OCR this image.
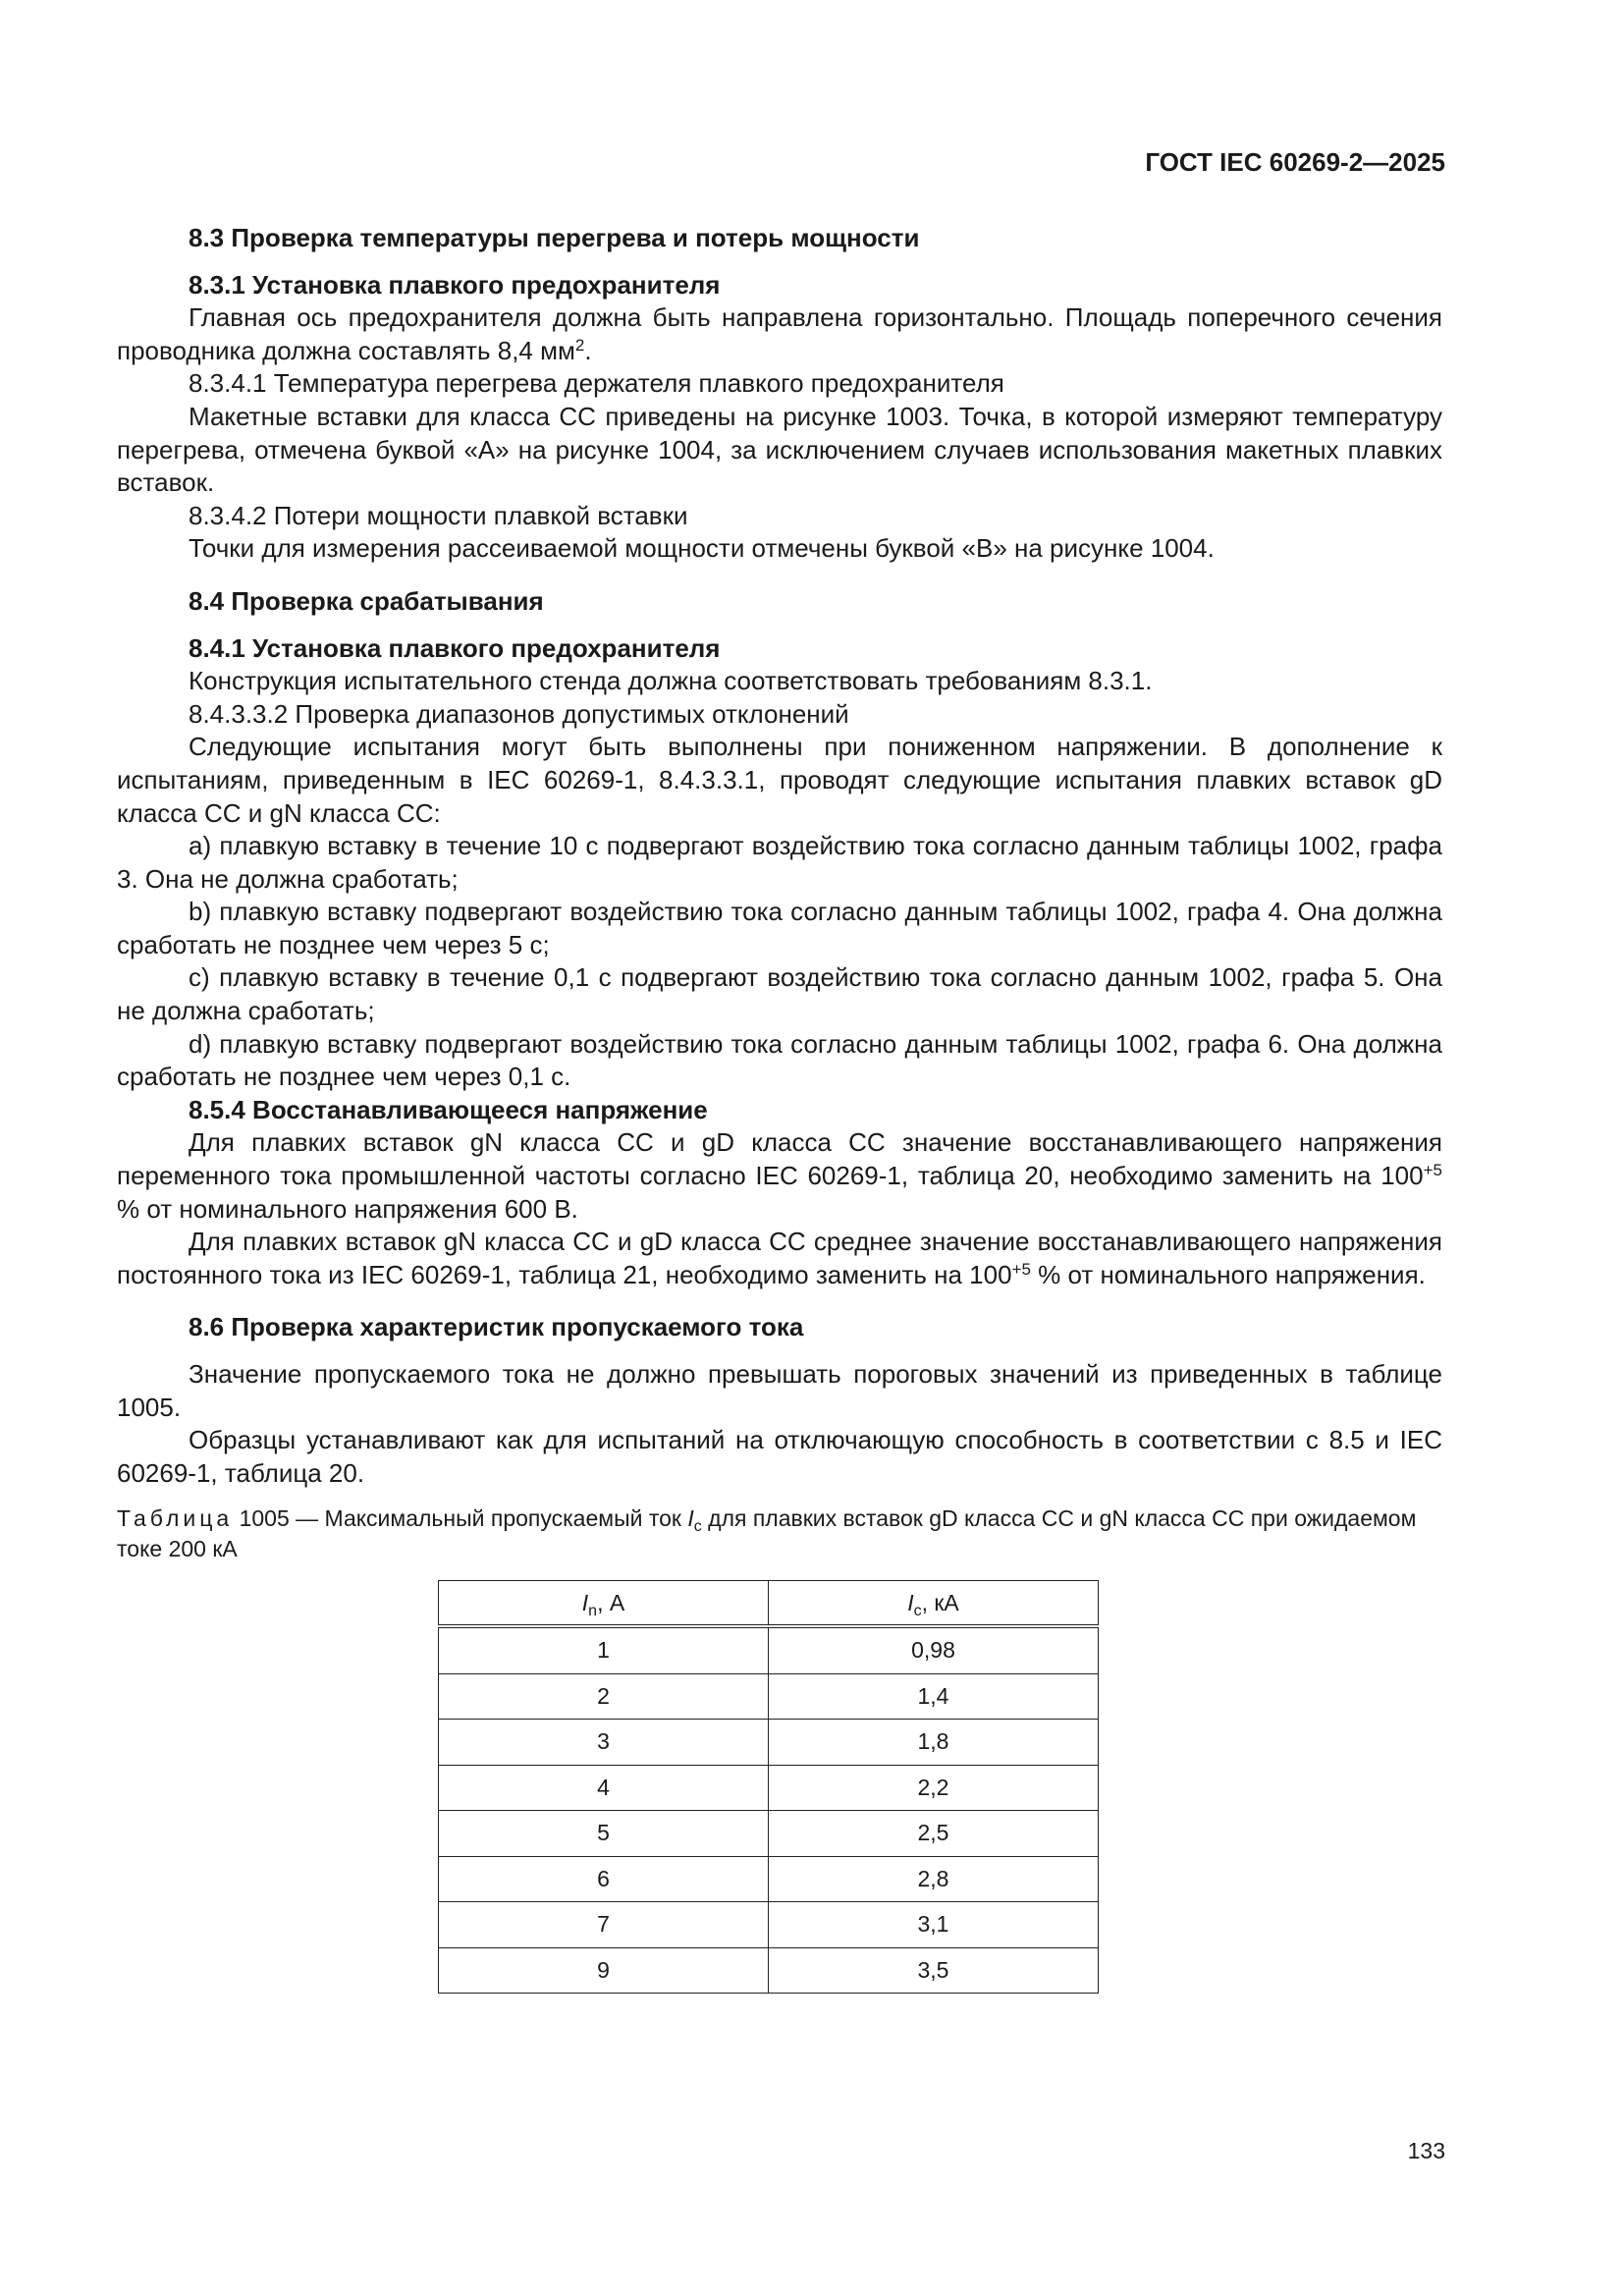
ГОСТ IEC 60269-2—2025

8.3 Проверка температуры перегрева и потерь мощности

8.3.1 Установка плавкого предохранителя

Главная ось предохранителя должна быть направлена горизонтально. Площадь поперечного сечения проводника должна составлять 8,4 $мм^2$.

8.3.4.1 Температура перегрева держателя плавкого предохранителя

Макетные вставки для класса CC приведены на рисунке 1003. Точка, в которой измеряют температуру перегрева, отмечена буквой «А» на рисунке 1004, за исключением случаев использования макетных плавких вставок.

8.3.4.2 Потери мощности плавкой вставки

Точки для измерения рассеиваемой мощности отмечены буквой «В» на рисунке 1004.

8.4 Проверка срабатывания

8.4.1 Установка плавкого предохранителя

Конструкция испытательного стенда должна соответствовать требованиям 8.3.1.

8.4.3.3.2 Проверка диапазонов допустимых отклонений

Следующие испытания могут быть выполнены при пониженном напряжении. В дополнение к испытаниям, приведенным в IEC 60269-1, 8.4.3.3.1, проводят следующие испытания плавких вставок gD класса CC и gN класса CC:

a) плавкую вставку в течение 10 с подвергают воздействию тока согласно данным таблицы 1002, графа 3. Она не должна сработать;

b) плавкую вставку подвергают воздействию тока согласно данным таблицы 1002, графа 4. Она должна сработать не позднее чем через 5 с;

c) плавкую вставку в течение 0,1 с подвергают воздействию тока согласно данным 1002, графа 5. Она не должна сработать;

d) плавкую вставку подвергают воздействию тока согласно данным таблицы 1002, графа 6. Она должна сработать не позднее чем через 0,1 с.

8.5.4 Восстанавливающееся напряжение

Для плавких вставок gN класса CC и gD класса CC значение восстанавливающего напряжения переменного тока промышленной частоты согласно IEC 60269-1, таблица 20, необходимо заменить на $100^{+5}$ % от номинального напряжения 600 В.

Для плавких вставок gN класса CC и gD класса CC среднее значение восстанавливающего напряжения постоянного тока из IEC 60269-1, таблица 21, необходимо заменить на $100^{+5}$ % от номинального напряжения.

8.6 Проверка характеристик пропускаемого тока

Значение пропускаемого тока не должно превышать пороговых значений из приведенных в таблице 1005.

Образцы устанавливают как для испытаний на отключающую способность в соответствии с 8.5 и IEC 60269-1, таблица 20.

Таблица 1005 — Максимальный пропускаемый ток $I_c$ для плавких вставок gD класса CC и gN класса CC при ожидаемом токе 200 кА

$I_n$, А	$I_c$, кА
1	0,98
2	1,4
3	1,8
4	2,2
5	2,5
6	2,8
7	3,1
9	3,5
133
